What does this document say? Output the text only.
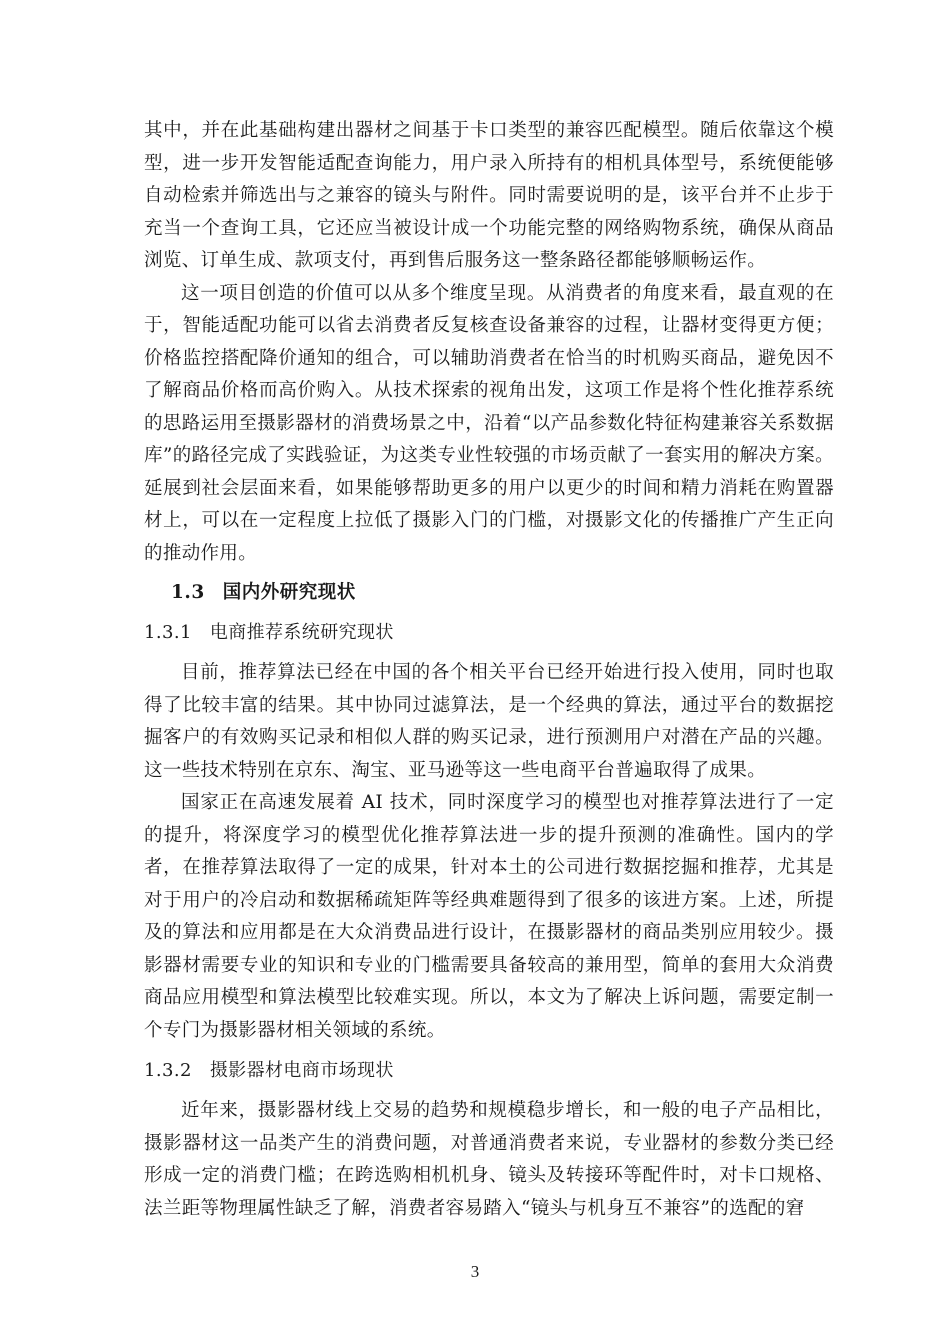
其中，并在此基础构建出器材之间基于卡口类型的兼容匹配模型。随后依靠这个模型，进一步开发智能适配查询能力，用户录入所持有的相机具体型号，系统便能够自动检索并筛选出与之兼容的镜头与附件。同时需要说明的是，该平台并不止步于充当一个查询工具，它还应当被设计成一个功能完整的网络购物系统，确保从商品浏览、订单生成、款项支付，再到售后服务这一整条路径都能够顺畅运作。

这一项目创造的价值可以从多个维度呈现。从消费者的角度来看，最直观的在于，智能适配功能可以省去消费者反复核查设备兼容的过程，让器材变得更方便；价格监控搭配降价通知的组合，可以辅助消费者在恰当的时机购买商品，避免因不了解商品价格而高价购入。从技术探索的视角出发，这项工作是将个性化推荐系统的思路运用至摄影器材的消费场景之中，沿着“以产品参数化特征构建兼容关系数据库”的路径完成了实践验证，为这类专业性较强的市场贡献了一套实用的解决方案。延展到社会层面来看，如果能够帮助更多的用户以更少的时间和精力消耗在购置器材上，可以在一定程度上拉低了摄影入门的门槛，对摄影文化的传播推广产生正向的推动作用。

1.3 国内外研究现状

1.3.1 电商推荐系统研究现状

目前，推荐算法已经在中国的各个相关平台已经开始进行投入使用，同时也取得了比较丰富的结果。其中协同过滤算法，是一个经典的算法，通过平台的数据挖掘客户的有效购买记录和相似人群的购买记录，进行预测用户对潜在产品的兴趣。这一些技术特别在京东、淘宝、亚马逊等这一些电商平台普遍取得了成果。

国家正在高速发展着 AI 技术，同时深度学习的模型也对推荐算法进行了一定的提升，将深度学习的模型优化推荐算法进一步的提升预测的准确性。国内的学者，在推荐算法取得了一定的成果，针对本土的公司进行数据挖掘和推荐，尤其是对于用户的冷启动和数据稀疏矩阵等经典难题得到了很多的该进方案。上述，所提及的算法和应用都是在大众消费品进行设计，在摄影器材的商品类别应用较少。摄影器材需要专业的知识和专业的门槛需要具备较高的兼用型，简单的套用大众消费商品应用模型和算法模型比较难实现。所以，本文为了解决上诉问题，需要定制一个专门为摄影器材相关领域的系统。

1.3.2 摄影器材电商市场现状

近年来，摄影器材线上交易的趋势和规模稳步增长，和一般的电子产品相比，摄影器材这一品类产生的消费问题，对普通消费者来说，专业器材的参数分类已经形成一定的消费门槛；在跨选购相机机身、镜头及转接环等配件时，对卡口规格、法兰距等物理属性缺乏了解，消费者容易踏入“镜头与机身互不兼容”的选配的窘

3
